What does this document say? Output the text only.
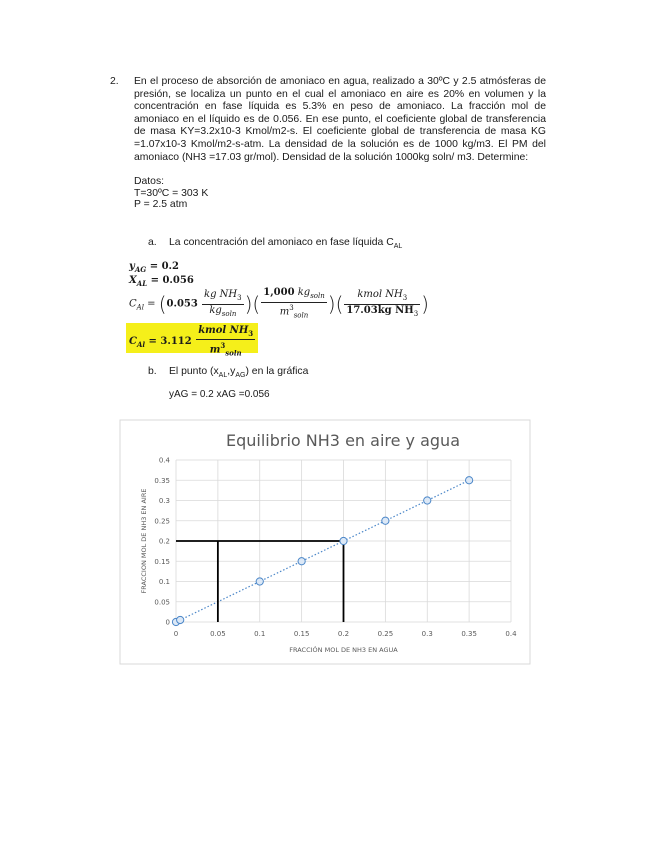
2. En el proceso de absorción de amoniaco en agua, realizado a 30ºC y 2.5 atmósferas de presión, se localiza un punto en el cual el amoniaco en aire es 20% en volumen y la concentración en fase líquida es 5.3% en peso de amoniaco. La fracción mol de amoniaco en el líquido es de 0.056. En ese punto, el coeficiente global de transferencia de masa KY=3.2x10-3 Kmol/m2-s. El coeficiente global de transferencia de masa KG =1.07x10-3 Kmol/m2-s-atm. La densidad de la solución es de 1000 kg/m3. El PM del amoniaco (NH3 =17.03 gr/mol). Densidad de la solución 1000kg soln/ m3. Determine:
Datos:
T=30ºC = 303 K
P = 2.5 atm
a. La concentración del amoniaco en fase líquida $C_{AL}$
$y_{AG} = 0.2$
$X_{AL} = 0.056$
$C_{Al} = (0.053 \frac{kg NH_3}{kg_{soln}}$ )( $\frac{1,000 kg_{soln}}{m^3_{soln}}$ )( $\frac{kmol NH_3}{17.03kg NH_3}$ )
$C_{Al} = 3.112 \frac{kmol NH_3}{m^3_{soln}}$
b. El punto $(x_{AL},y_{AG})$ en la gráfica
yAG = 0.2 xAG =0.056
Equilibrio NH3 en aire y agua
0
0
0.05
0.05
0.1
0.1
0.15
0.15
0.2
0.2
0.25
0.25
0.3
0.3
0.35
0.35
0.4
0.4
FRACCIÓN MOL DE NH3 EN AGUA
FRACCION MOL DE NH3 EN AIRE
